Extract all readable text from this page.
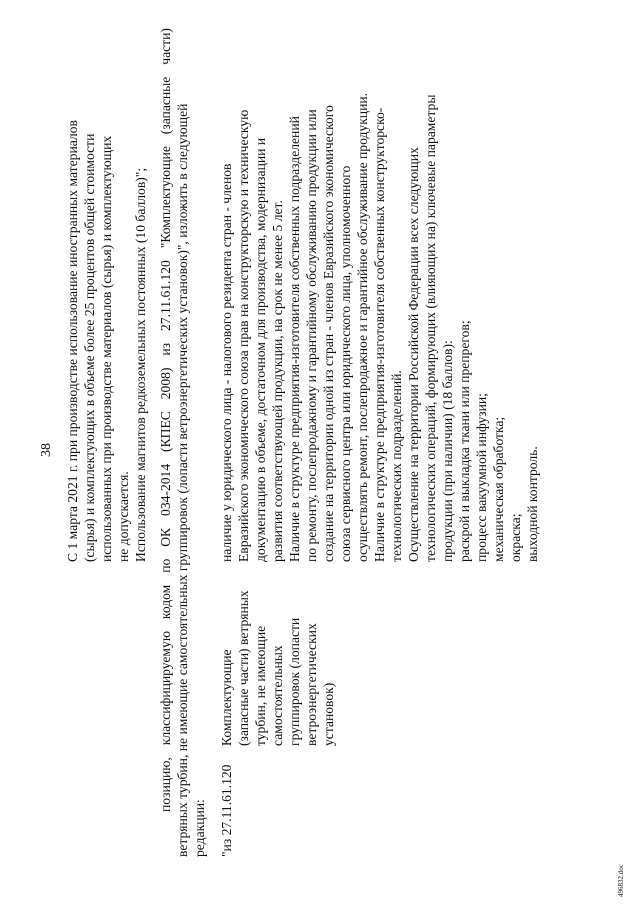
38 С 1 марта 2021 г. при производстве использование иностранных материалов (сырья) и комплектующих в объеме более 25 процентов общей стоимости использованных при производстве материалов (сырья) и комплектующих не допускается. Использование магнитов редкоземельных постоянных (10 баллов)";
позицию,
классифицируемую
кодом
по
ОК
034-2014
(КПЕС
2008)
из
27.11.61.120
"Комплектующие
(запасные
части)
ветряных турбин, не имеющие самостоятельных группировок (лопасти ветроэнергетических установок)", изложить в следующей редакции: "из 27.11.61.120
Комплектующие (запасные части) ветряных турбин, не имеющие самостоятельных группировок (лопасти ветроэнергетических установок)
наличие у юридического лица - налогового резидента стран - членов Евразийского экономического союза прав на конструкторскую и техническую документацию в объеме, достаточном для производства, модернизации и развития соответствующей продукции, на срок не менее 5 лет. Наличие в структуре предприятия-изготовителя собственных подразделений по ремонту, послепродажному и гарантийному обслуживанию продукции или создание на территории одной из стран - членов Евразийского экономического союза сервисного центра или юридического лица, уполномоченного осуществлять ремонт, послепродажное и гарантийное обслуживание продукции. Наличие в структуре предприятия-изготовителя собственных конструкторско- технологических подразделений. Осуществление на территории Российской Федерации всех следующих технологических операций, формирующих (влияющих на) ключевые параметры продукции (при наличии) (18 баллов): раскрой и выкладка ткани или препрегов; процесс вакуумной инфузии; механическая обработка; окраска; выходной контроль.
496832.doc
